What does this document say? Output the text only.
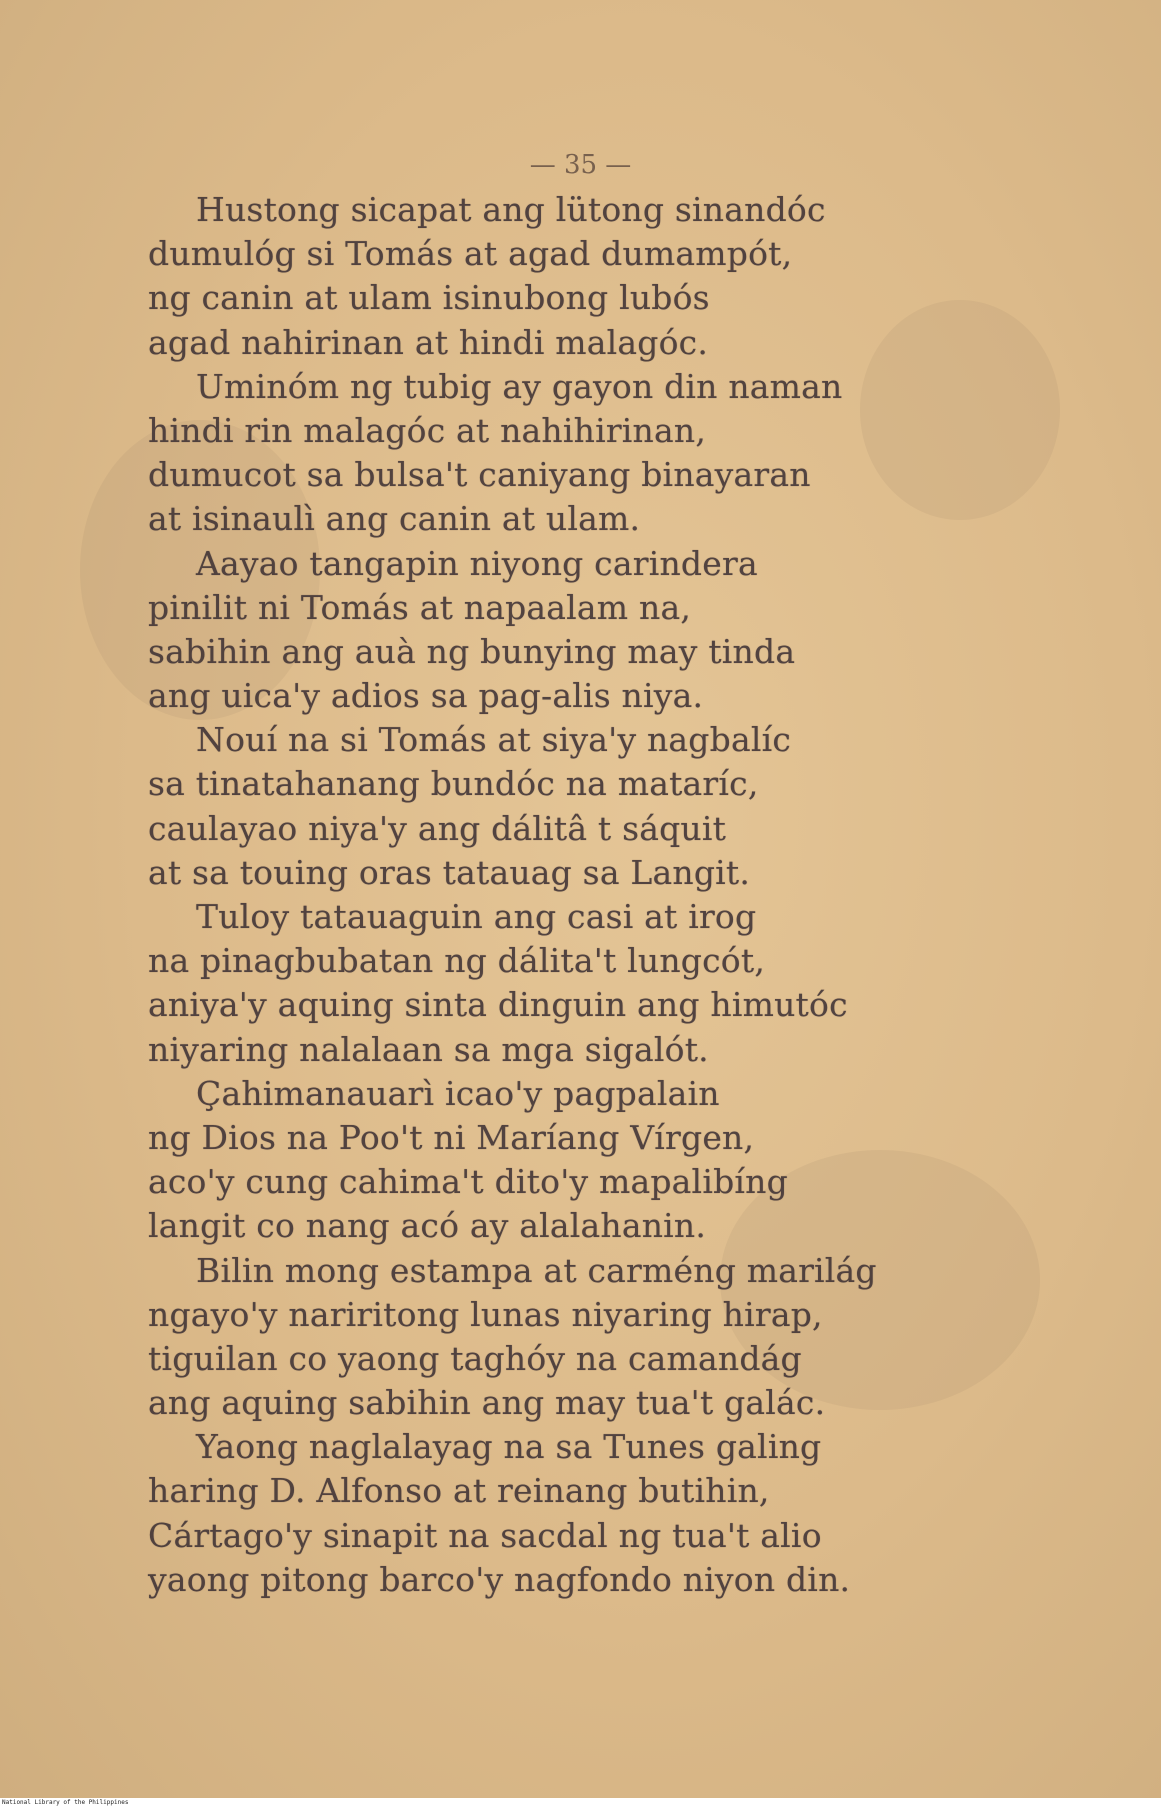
— 35 —
Hustong sicapat ang lütong sinandóc
dumulóg si Tomás at agad dumampót,
ng canin at ulam isinubong lubós
agad nahirinan at hindi malagóc.
Uminóm ng tubig ay gayon din naman
hindi rin malagóc at nahihirinan,
dumucot sa bulsa't caniyang binayaran
at isinaulì ang canin at ulam.
Aayao tangapin niyong carindera
pinilit ni Tomás at napaalam na,
sabihin ang auà ng bunying may tinda
ang uica'y adios sa pag-alis niya.
Nouí na si Tomás at siya'y nagbalíc
sa tinatahanang bundóc na mataríc,
caulayao niya'y ang dálitâ t sáquit
at sa touing oras tatauag sa Langit.
Tuloy tatauaguin ang casi at irog
na pinagbubatan ng dálita't lungcót,
aniya'y aquing sinta dinguin ang himutóc
niyaring nalalaan sa mga sigalót.
Çahimanauarì icao'y pagpalain
ng Dios na Poo't ni Maríang Vírgen,
aco'y cung cahima't dito'y mapalibíng
langit co nang acó ay alalahanin.
Bilin mong estampa at carméng marilág
ngayo'y nariritong lunas niyaring hirap,
tiguilan co yaong taghóy na camandág
ang aquing sabihin ang may tua't galác.
Yaong naglalayag na sa Tunes galing
haring D. Alfonso at reinang butihin,
Cártago'y sinapit na sacdal ng tua't alio
yaong pitong barco'y nagfondo niyon din.
National Library of the Philippines
